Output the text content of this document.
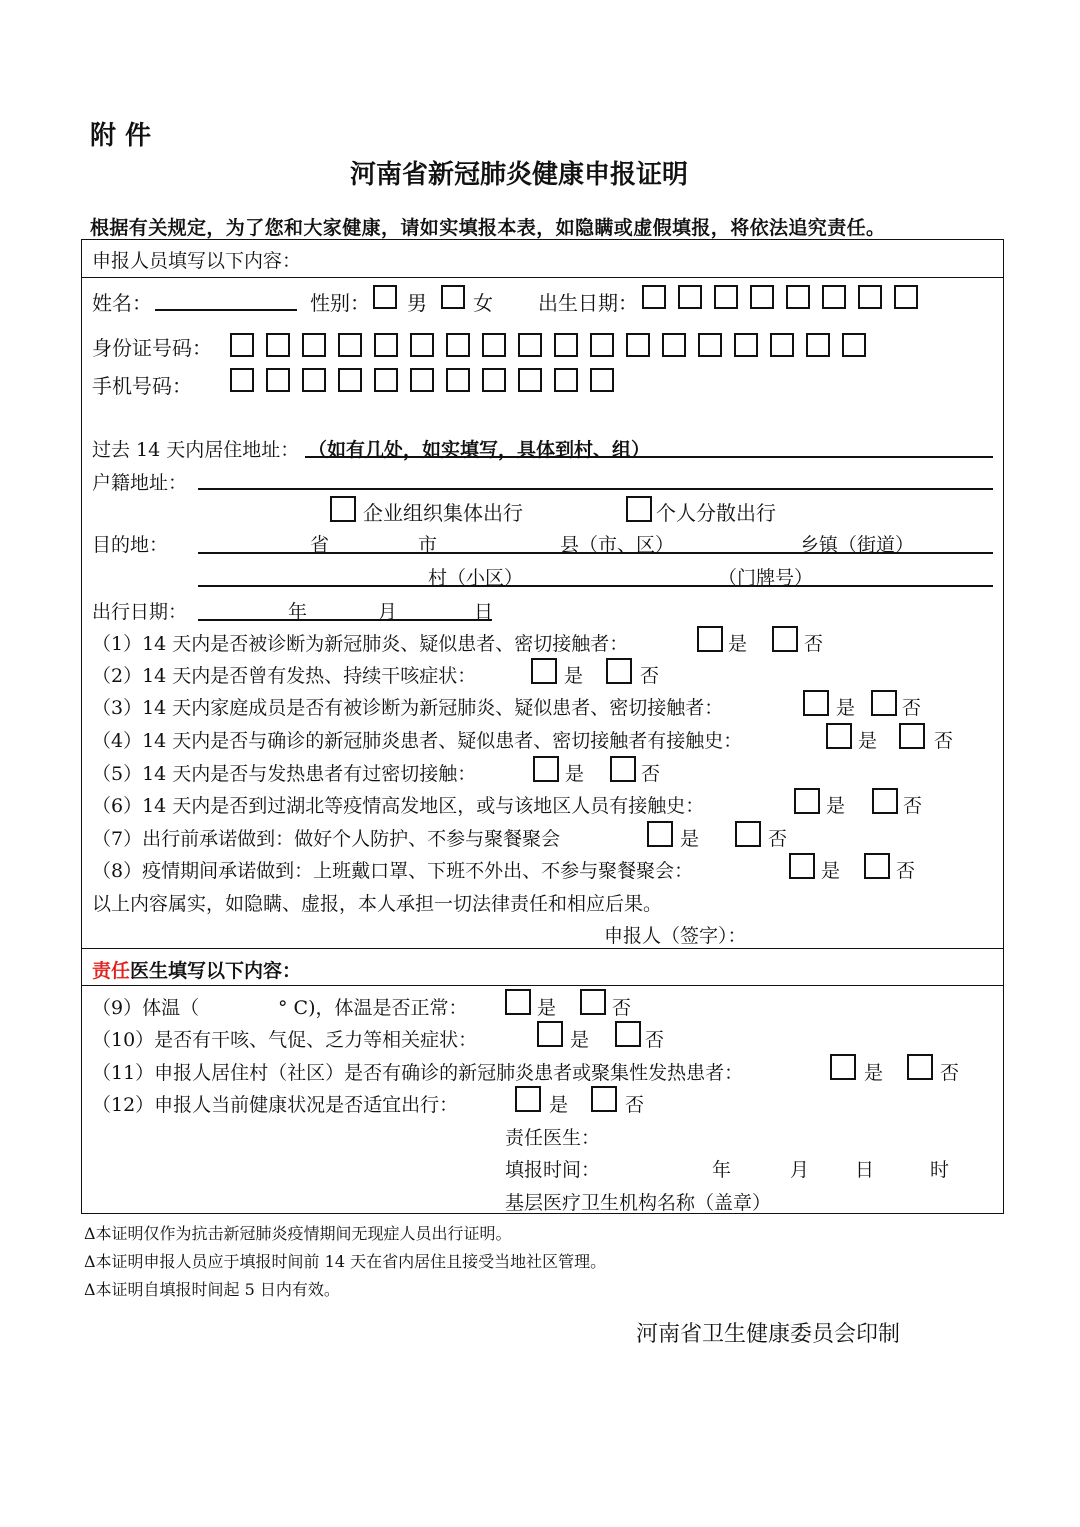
附 件
河南省新冠肺炎健康申报证明
根据有关规定，为了您和大家健康，请如实填报本表，如隐瞒或虚假填报，将依法追究责任。
申报人员填写以下内容：
姓名：	性别： 男 女 出生日期：
身份证号码：
手机号码：
过去 14 天内居住地址： （如有几处，如实填写，具体到村、组）
户籍地址：
企业组织集体出行	个人分散出行
目的地：	省	市	县（市、区）	乡镇（街道）
村（小区）	（门牌号）
出行日期：	年	月	日
（1）14 天内是否被诊断为新冠肺炎、疑似患者、密切接触者：	是	否
（2）14 天内是否曾有发热、持续干咳症状：	是	否
（3）14 天内家庭成员是否有被诊断为新冠肺炎、疑似患者、密切接触者：	是 否
（4）14 天内是否与确诊的新冠肺炎患者、疑似患者、密切接触者有接触史：	是	否
（5）14 天内是否与发热患者有过密切接触：	是	否
（6）14 天内是否到过湖北等疫情高发地区，或与该地区人员有接触史：	是	否
（7）出行前承诺做到：做好个人防护、不参与聚餐聚会	是	否
（8）疫情期间承诺做到：上班戴口罩、下班不外出、不参与聚餐聚会：	是	否
以上内容属实，如隐瞒、虚报，本人承担一切法律责任和相应后果。
申报人（签字）：
责任医生填写以下内容：
（9）体温（	° C)，体温是否正常：	是	否
（10）是否有干咳、气促、乏力等相关症状：	是	否
（11）申报人居住村（社区）是否有确诊的新冠肺炎患者或聚集性发热患者：	是	否
（12）申报人当前健康状况是否适宜出行：	是	否
责任医生：
填报时间：	年	月 日	时
基层医疗卫生机构名称（盖章）
Δ本证明仅作为抗击新冠肺炎疫情期间无现症人员出行证明。
Δ本证明申报人员应于填报时间前 14 天在省内居住且接受当地社区管理。
Δ本证明自填报时间起 5 日内有效。
河南省卫生健康委员会印制
